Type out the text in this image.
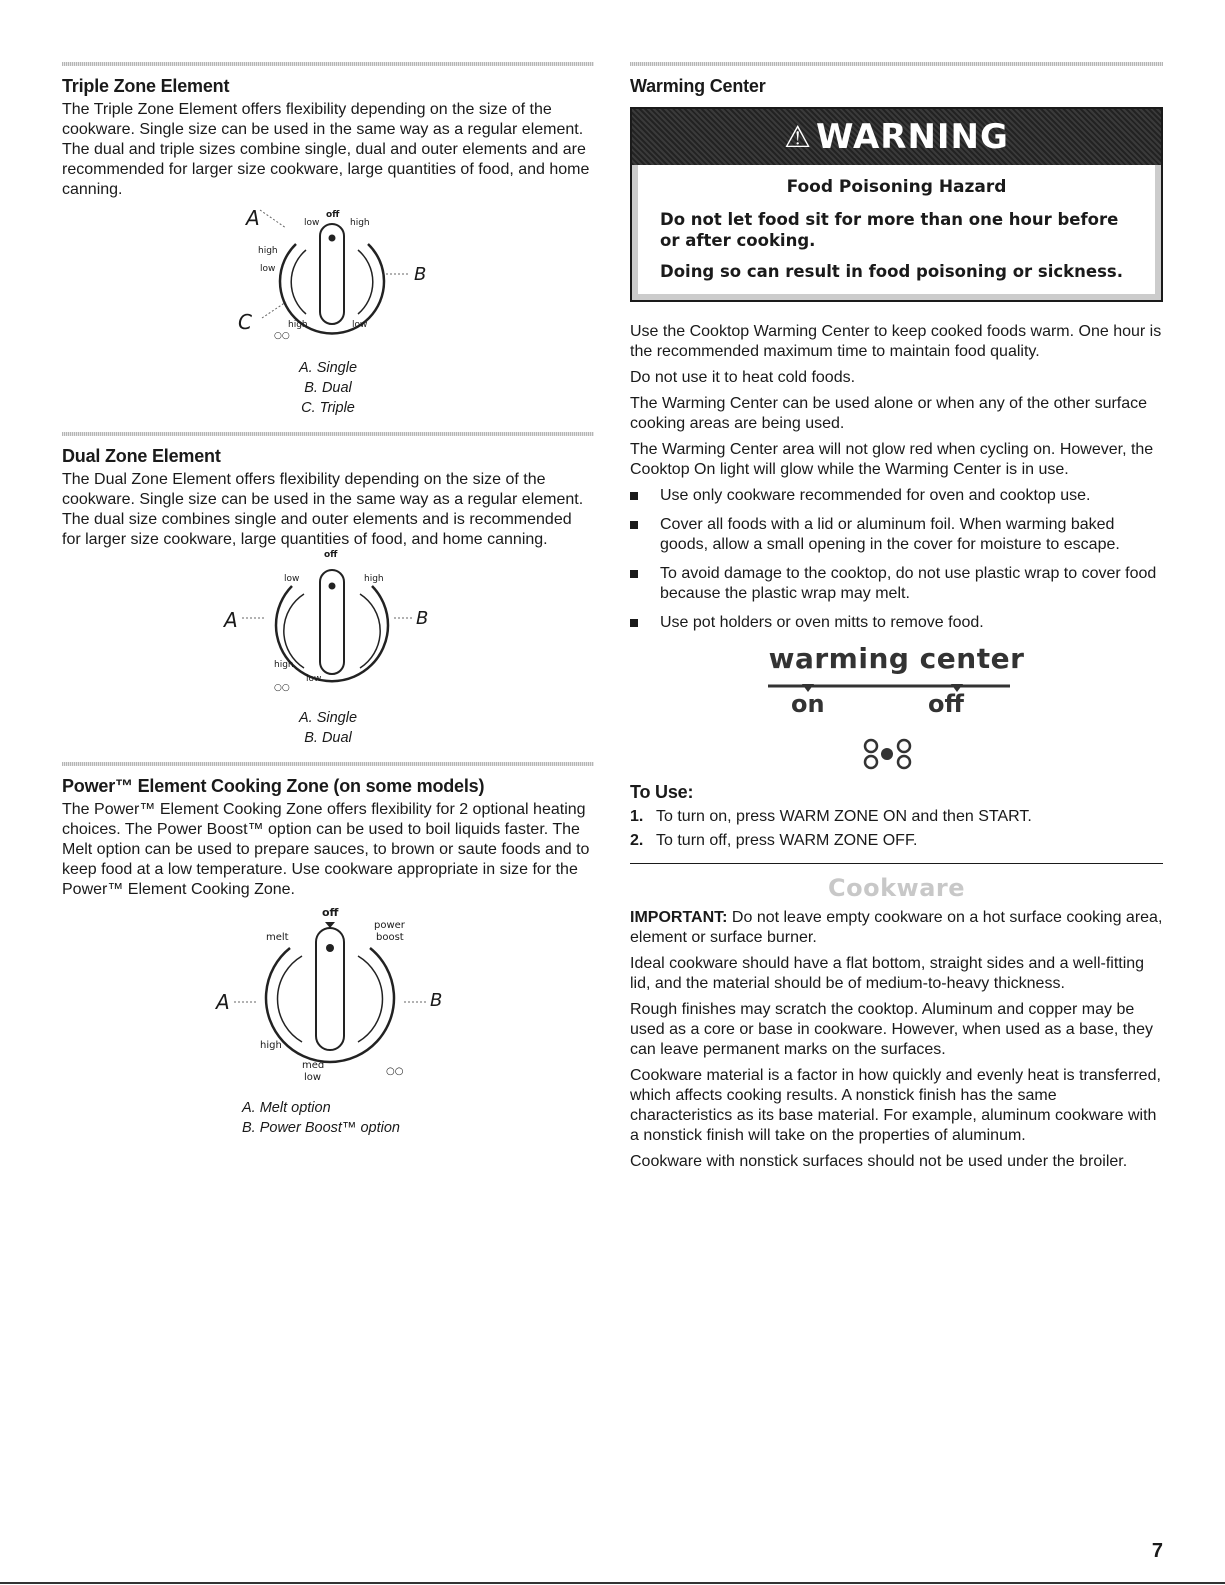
Triple Zone Element

The Triple Zone Element offers flexibility depending on the size of the cookware. Single size can be used in the same way as a regular element. The dual and triple sizes combine single, dual and outer elements and are recommended for larger size cookware, large quantities of food, and home canning.

○○
A	low
off
high
high
low	B
C	high	low
A. Single
B. Dual
C. Triple
Dual Zone Element

The Dual Zone Element offers flexibility depending on the size of the cookware. Single size can be used in the same way as a regular element. The dual size combines single and outer elements and is recommended for larger size cookware, large quantities of food, and home canning.

○○
off
low	high
A	B
high
low
A. Single
B. Dual
Power™ Element Cooking Zone (on some models)

The Power™ Element Cooking Zone offers flexibility for 2 optional heating choices. The Power Boost™ option can be used to boil liquids faster. The Melt option can be used to prepare sauces, to brown or saute foods and to keep food at a low temperature. Use cookware appropriate in size for the Power™ Element Cooking Zone.

○○
off
power
boost
melt
A	B
high
med
low
A. Melt option
B. Power Boost™ option
Warming Center
⚠ WARNING
Food Poisoning Hazard
Do not let food sit for more than one hour before or after cooking.
Doing so can result in food poisoning or sickness.

Use the Cooktop Warming Center to keep cooked foods warm. One hour is the recommended maximum time to maintain food quality.

Do not use it to heat cold foods.

The Warming Center can be used alone or when any of the other surface cooking areas are being used.

The Warming Center area will not glow red when cycling on. However, the Cooktop On light will glow while the Warming Center is in use.

Use only cookware recommended for oven and cooktop use.
Cover all foods with a lid or aluminum foil. When warming baked goods, allow a small opening in the cover for moisture to escape.
To avoid damage to the cooktop, do not use plastic wrap to cover food because the plastic wrap may melt.
Use pot holders or oven mitts to remove food.
warming center
on	off
To Use:
1. To turn on, press WARM ZONE ON and then START.
2. To turn off, press WARM ZONE OFF.
Cookware

IMPORTANT: Do not leave empty cookware on a hot surface cooking area, element or surface burner.

Ideal cookware should have a flat bottom, straight sides and a well-fitting lid, and the material should be of medium-to-heavy thickness.

Rough finishes may scratch the cooktop. Aluminum and copper may be used as a core or base in cookware. However, when used as a base, they can leave permanent marks on the surfaces.

Cookware material is a factor in how quickly and evenly heat is transferred, which affects cooking results. A nonstick finish has the same characteristics as its base material. For example, aluminum cookware with a nonstick finish will take on the properties of aluminum.

Cookware with nonstick surfaces should not be used under the broiler.

7
